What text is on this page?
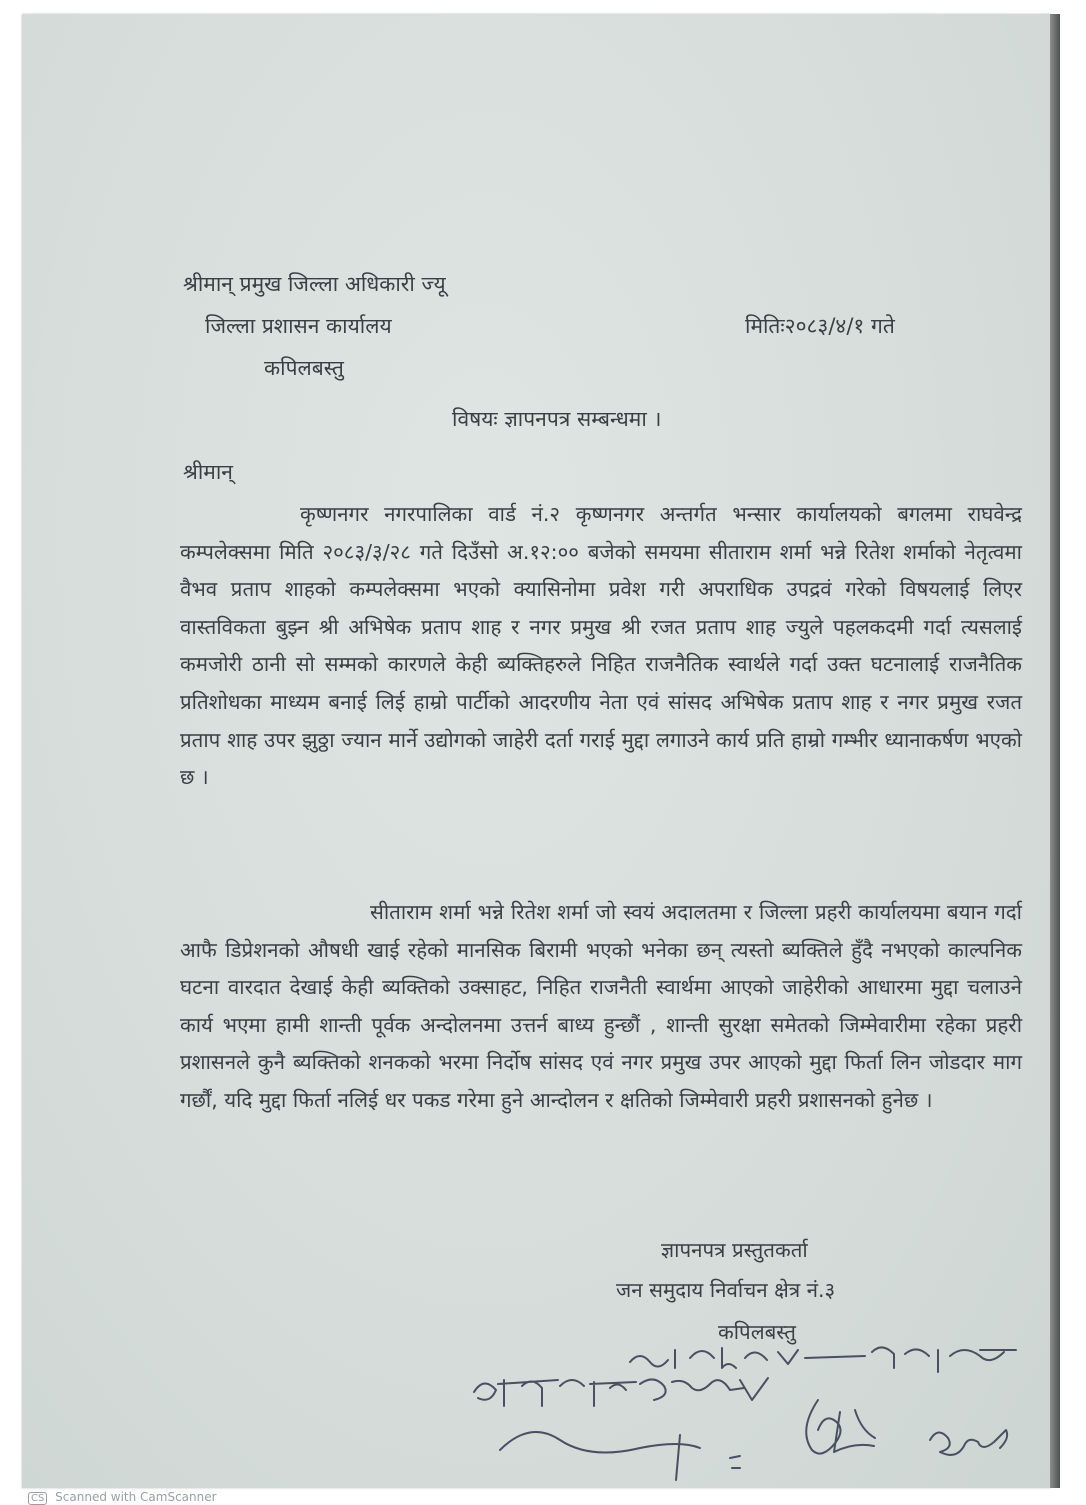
श्रीमान् प्रमुख जिल्ला अधिकारी ज्यू
जिल्ला प्रशासन कार्यालय
कपिलबस्तु
मितिः२०८३/४/१ गते
विषयः ज्ञापनपत्र सम्बन्धमा ।
श्रीमान्
कृष्णनगर नगरपालिका वार्ड नं.२ कृष्णनगर अन्तर्गत भन्सार कार्यालयको बगलमा राघवेन्द्र कम्पलेक्समा मिति २०८३/३/२८ गते दिउँसो अ.१२:०० बजेको समयमा सीताराम शर्मा भन्ने रितेश शर्माको नेतृत्वमा वैभव प्रताप शाहको कम्पलेक्समा भएको क्यासिनोमा प्रवेश गरी अपराधिक उपद्रवं गरेको विषयलाई लिएर वास्तविकता बुझ्न श्री अभिषेक प्रताप शाह र नगर प्रमुख श्री रजत प्रताप शाह ज्युले पहलकदमी गर्दा त्यसलाई कमजोरी ठानी सो सम्मको कारणले केही ब्यक्तिहरुले निहित राजनैतिक स्वार्थले गर्दा उक्त घटनालाई राजनैतिक प्रतिशोधका माध्यम बनाई लिई हाम्रो पार्टीको आदरणीय नेता एवं सांसद अभिषेक प्रताप शाह र नगर प्रमुख रजत प्रताप शाह उपर झुठ्ठा ज्यान मार्ने उद्योगको जाहेरी दर्ता गराई मुद्दा लगाउने कार्य प्रति हाम्रो गम्भीर ध्यानाकर्षण भएको छ ।
सीताराम शर्मा भन्ने रितेश शर्मा जो स्वयं अदालतमा र जिल्ला प्रहरी कार्यालयमा बयान गर्दा आफै डिप्रेशनको औषधी खाई रहेको मानसिक बिरामी भएको भनेका छन् त्यस्तो ब्यक्तिले हुँदै नभएको काल्पनिक घटना वारदात देखाई केही ब्यक्तिको उक्साहट, निहित राजनैती स्वार्थमा आएको जाहेरीको आधारमा मुद्दा चलाउने कार्य भएमा हामी शान्ती पूर्वक अन्दोलनमा उत्तर्न बाध्य हुन्छौं , शान्ती सुरक्षा समेतको जिम्मेवारीमा रहेका प्रहरी प्रशासनले कुनै ब्यक्तिको शनकको भरमा निर्दोष सांसद एवं नगर प्रमुख उपर आएको मुद्दा फिर्ता लिन जोडदार माग गर्छौं, यदि मुद्दा फिर्ता नलिई धर पकड गरेमा हुने आन्दोलन र क्षतिको जिम्मेवारी प्रहरी प्रशासनको हुनेछ ।
ज्ञापनपत्र प्रस्तुतकर्ता
जन समुदाय निर्वाचन क्षेत्र नं.३
कपिलबस्तु
CS Scanned with CamScanner
